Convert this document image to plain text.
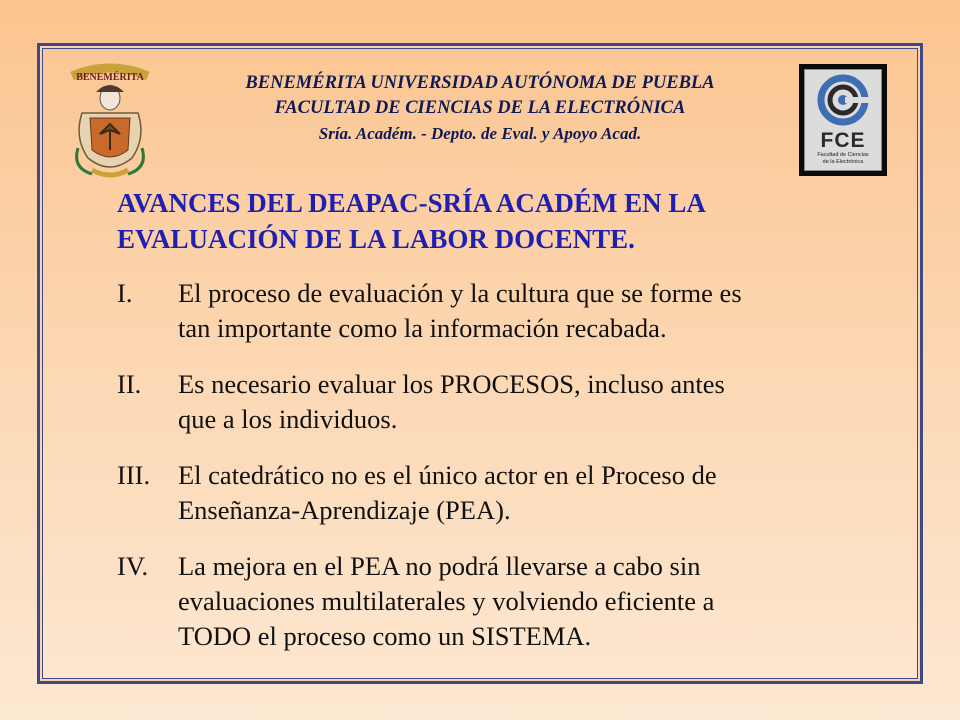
BENEMÉRITA	BENEMÉRITA UNIVERSIDAD AUTÓNOMA DE PUEBLA
FACULTAD DE CIENCIAS DE LA ELECTRÓNICA
Sría. Académ. - Depto. de Eval. y Apoyo Acad.	FCE
Facultad de Ciencias
de la Electrónica
AVANCES DEL DEAPAC-SRÍA ACADÉM EN LA
EVALUACIÓN DE LA LABOR DOCENTE.
I. El proceso de evaluación y la cultura que se forme es
tan importante como la información recabada.
II. Es necesario evaluar los PROCESOS, incluso antes
que a los individuos.
III. El catedrático no es el único actor en el Proceso de
Enseñanza-Aprendizaje (PEA).
IV. La mejora en el PEA no podrá llevarse a cabo sin
evaluaciones multilaterales y volviendo eficiente a
TODO el proceso como un SISTEMA.
